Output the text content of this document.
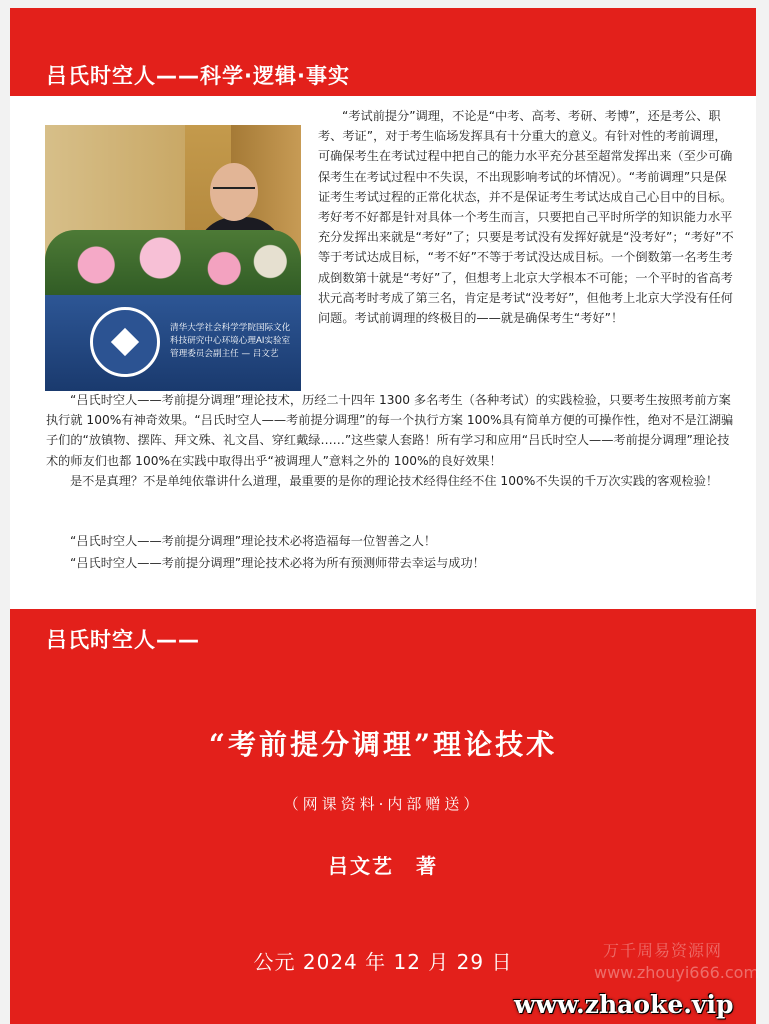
吕氏时空人——科学·逻辑·事实
清华大学社会科学学院国际文化科技研究中心环境心理AI实验室管理委员会副主任 — 吕文艺

“考试前提分”调理，不论是“中考、高考、考研、考博”，还是考公、职考、考证”，对于考生临场发挥具有十分重大的意义。有针对性的考前调理，可确保考生在考试过程中把自己的能力水平充分甚至超常发挥出来（至少可确保考生在考试过程中不失误，不出现影响考试的坏情况）。“考前调理”只是保证考生考试过程的正常化状态，并不是保证考生考试达成自己心目中的目标。考好考不好都是针对具体一个考生而言，只要把自己平时所学的知识能力水平充分发挥出来就是“考好”了；只要是考试没有发挥好就是“没考好”；“考好”不等于考试达成目标，“考不好”不等于考试没达成目标。一个倒数第一名考生考成倒数第十就是“考好”了，但想考上北京大学根本不可能；一个平时的省高考状元高考时考成了第三名，肯定是考试“没考好”，但他考上北京大学没有任何问题。考试前调理的终极目的——就是确保考生“考好”！

“吕氏时空人——考前提分调理”理论技术，历经二十四年 1300 多名考生（各种考试）的实践检验，只要考生按照考前方案执行就 100%有神奇效果。“吕氏时空人——考前提分调理”的每一个执行方案 100%具有简单方便的可操作性，绝对不是江湖骗子们的“放镇物、摆阵、拜文殊、礼文昌、穿红戴绿……”这些蒙人套路！所有学习和应用“吕氏时空人——考前提分调理”理论技术的师友们也都 100%在实践中取得出乎“被调理人”意料之外的 100%的良好效果！

是不是真理？不是单纯依靠讲什么道理，最重要的是你的理论技术经得住经不住 100%不失误的千万次实践的客观检验！

“吕氏时空人——考前提分调理”理论技术必将造福每一位智善之人！

“吕氏时空人——考前提分调理”理论技术必将为所有预测师带去幸运与成功！

吕氏时空人——
“考前提分调理”理论技术
（网课资料·内部赠送）
吕文艺　著
公元 2024 年 12 月 29 日	万千周易资源网
www.zhouyi666.com
www.zhaoke.vip
